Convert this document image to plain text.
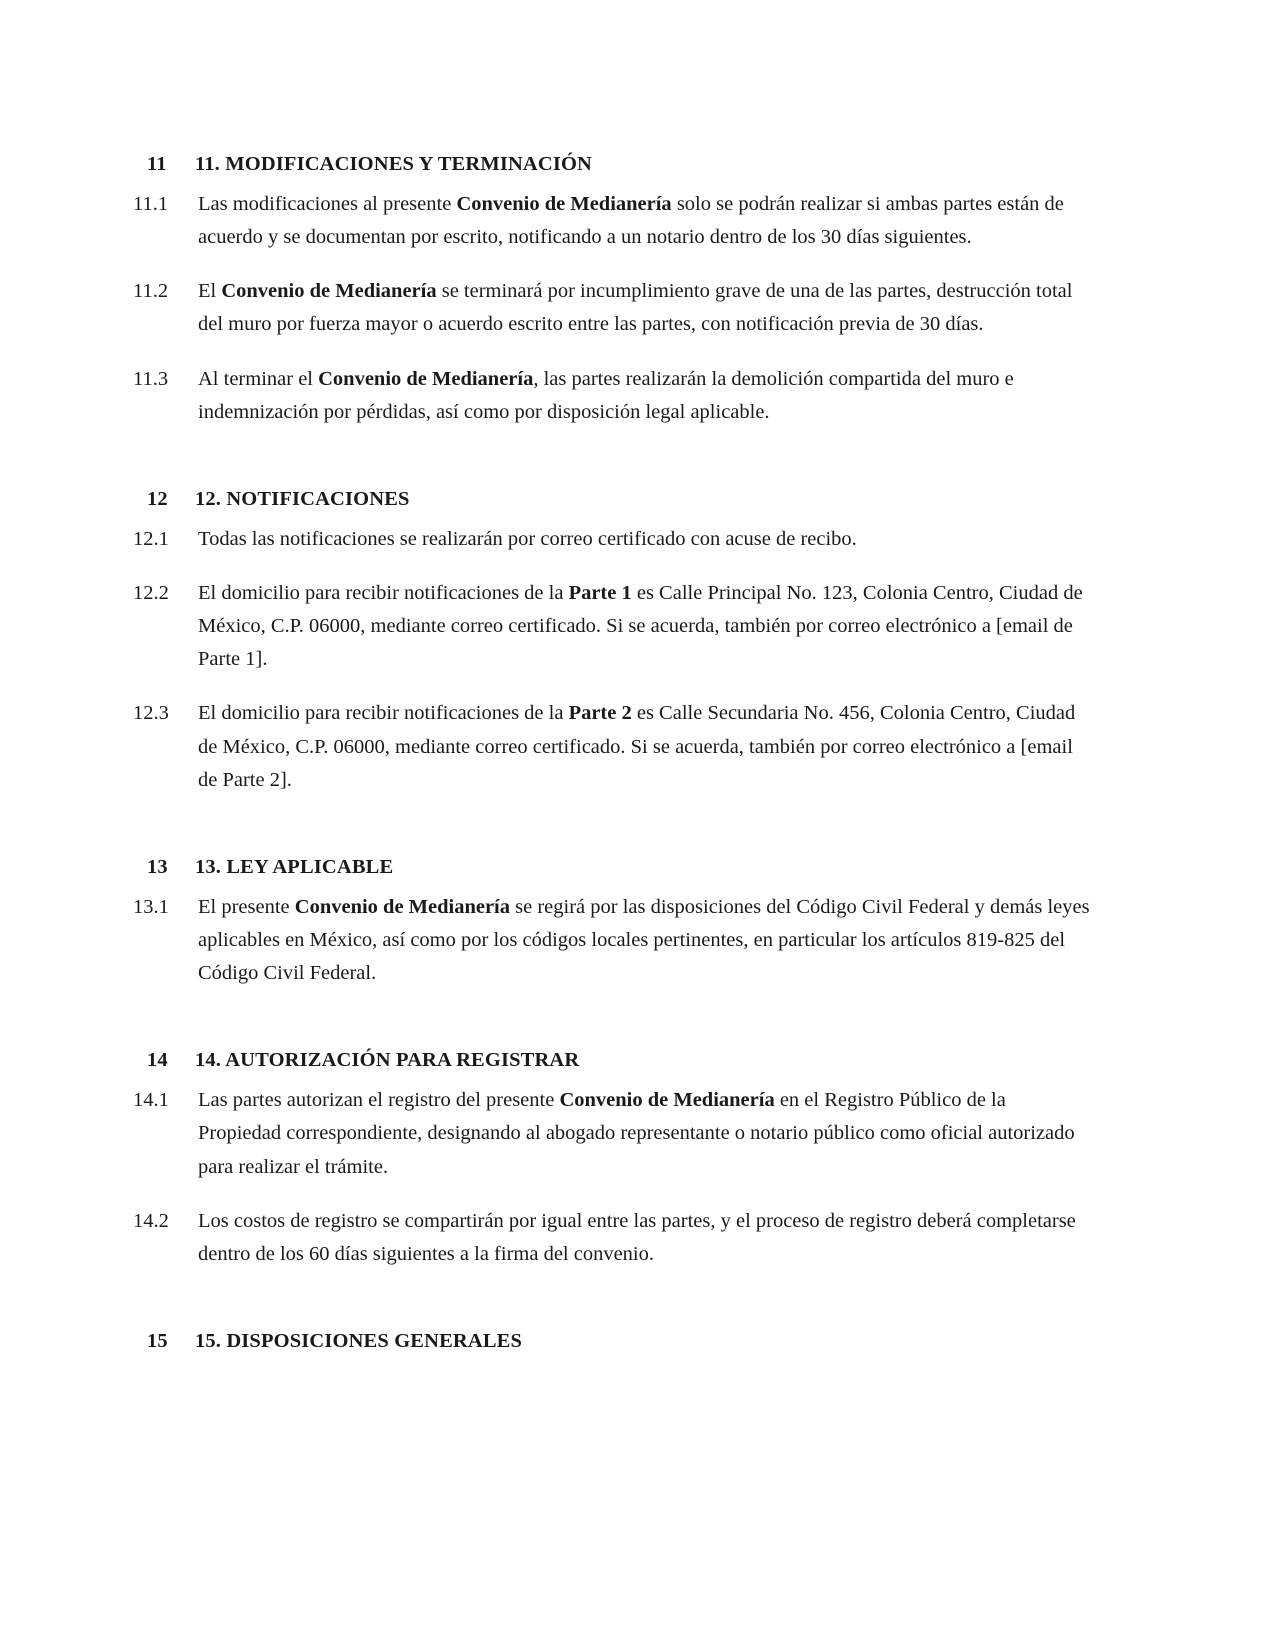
11	11. MODIFICACIONES Y TERMINACIÓN
11.1	Las modificaciones al presente Convenio de Medianería solo se podrán realizar si ambas partes están de acuerdo y se documentan por escrito, notificando a un notario dentro de los 30 días siguientes.
11.2	El Convenio de Medianería se terminará por incumplimiento grave de una de las partes, destrucción total del muro por fuerza mayor o acuerdo escrito entre las partes, con notificación previa de 30 días.
11.3	Al terminar el Convenio de Medianería, las partes realizarán la demolición compartida del muro e indemnización por pérdidas, así como por disposición legal aplicable.
12	12. NOTIFICACIONES
12.1	Todas las notificaciones se realizarán por correo certificado con acuse de recibo.
12.2	El domicilio para recibir notificaciones de la Parte 1 es Calle Principal No. 123, Colonia Centro, Ciudad de México, C.P. 06000, mediante correo certificado. Si se acuerda, también por correo electrónico a [email de Parte 1].
12.3	El domicilio para recibir notificaciones de la Parte 2 es Calle Secundaria No. 456, Colonia Centro, Ciudad de México, C.P. 06000, mediante correo certificado. Si se acuerda, también por correo electrónico a [email de Parte 2].
13	13. LEY APLICABLE
13.1	El presente Convenio de Medianería se regirá por las disposiciones del Código Civil Federal y demás leyes aplicables en México, así como por los códigos locales pertinentes, en particular los artículos 819-825 del Código Civil Federal.
14	14. AUTORIZACIÓN PARA REGISTRAR
14.1	Las partes autorizan el registro del presente Convenio de Medianería en el Registro Público de la Propiedad correspondiente, designando al abogado representante o notario público como oficial autorizado para realizar el trámite.
14.2	Los costos de registro se compartirán por igual entre las partes, y el proceso de registro deberá completarse dentro de los 60 días siguientes a la firma del convenio.
15	15. DISPOSICIONES GENERALES
